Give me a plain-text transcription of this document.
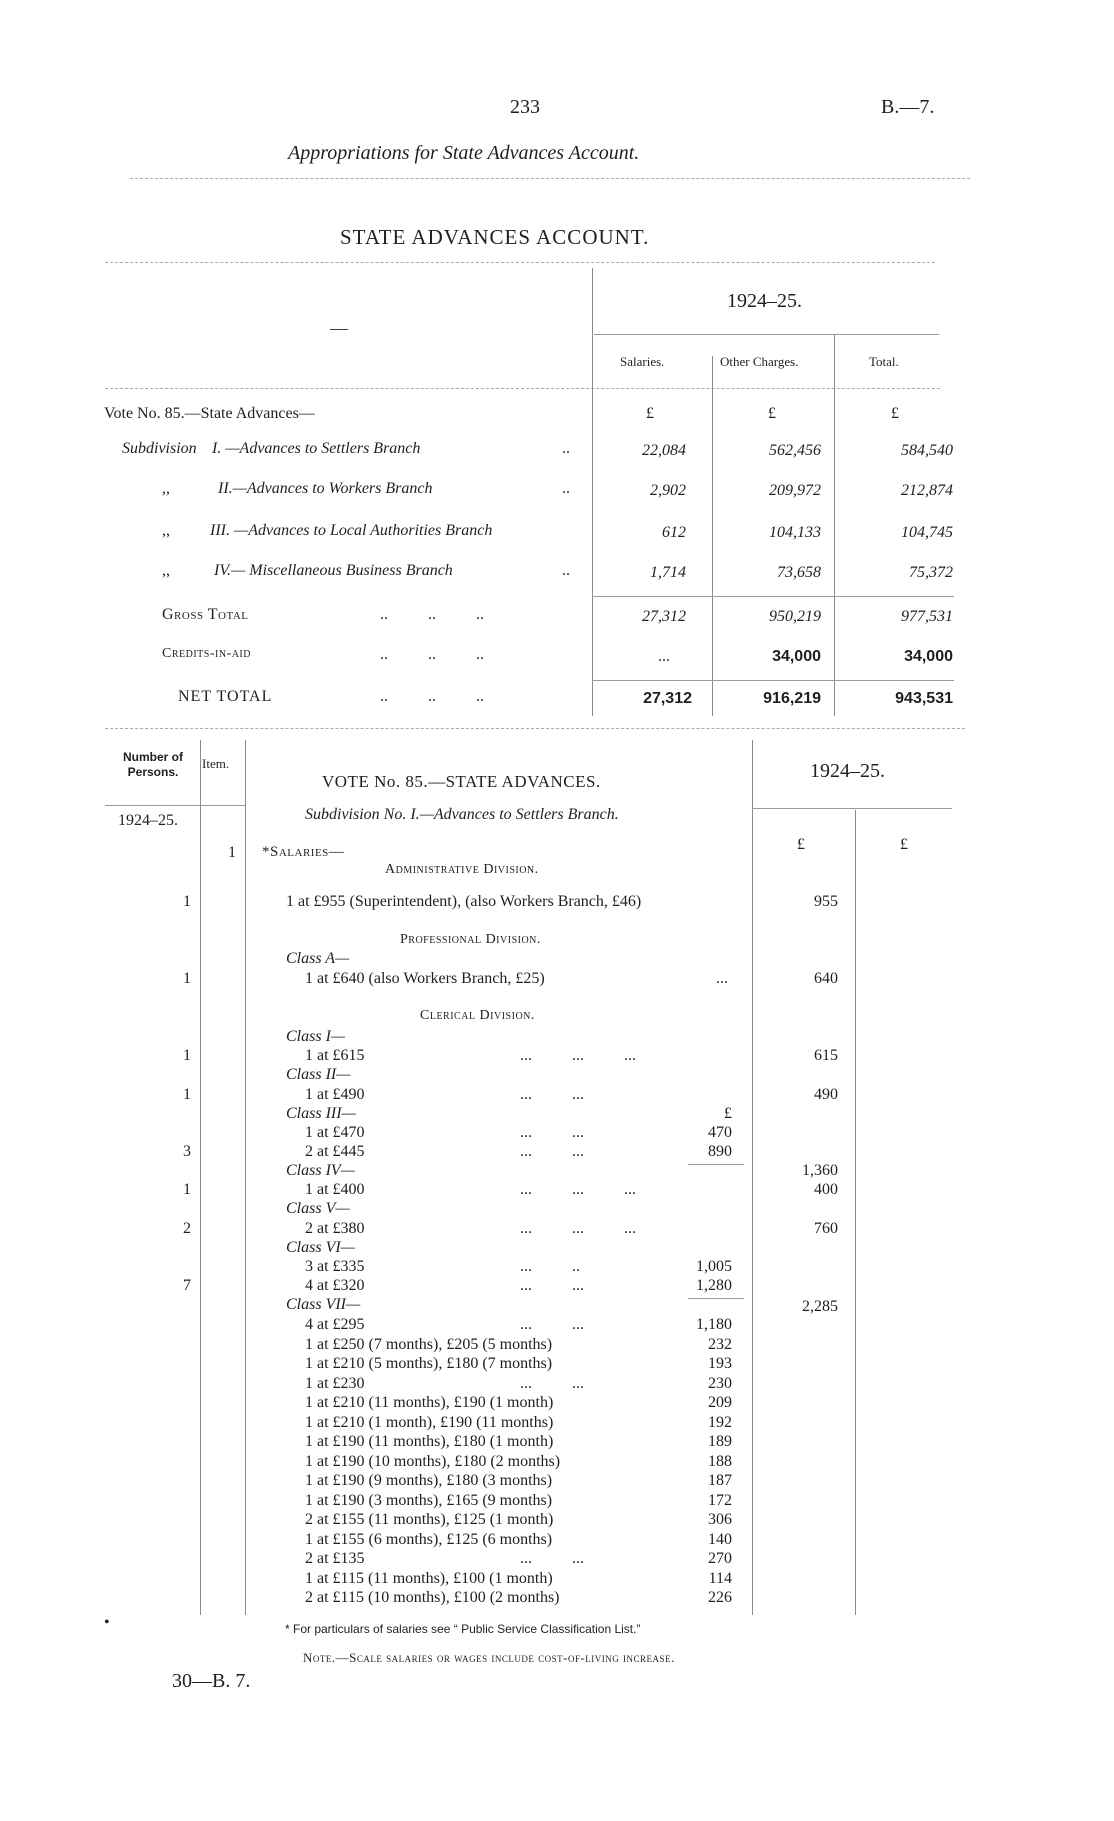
233	B.—7.
Appropriations for State Advances Account.
STATE ADVANCES ACCOUNT.
—
1924–25.
Salaries.	Other Charges.	Total.
Vote No. 85.—State Advances—	£	£	£
Subdivision I. —Advances to Settlers Branch	..	22,084	562,456	584,540
,,	II.—Advances to Workers Branch	..	2,902	209,972	212,874
,,	III. —Advances to Local Authorities Branch	612	104,133	104,745
,,	IV.— Miscellaneous Business Branch	..	1,714	73,658	75,372
Gross Total	..          ..          ..	27,312	950,219	977,531
Credits-in-aid	..          ..          ..	...	34,000	34,000
NET TOTAL	..          ..          ..	27,312	916,219	943,531
Number of Persons.
Item.
1924–25.
VOTE No. 85.—STATE ADVANCES.
Subdivision No. I.—Advances to Settlers Branch.
1924–25.
£	£
1 *Salaries—
Administrative Division.
1	1 at £955 (Superintendent), (also Workers Branch, £46)	955
Professional Division.
Class A—
1	1 at £640 (also Workers Branch, £25)	...	640
Clerical Division.
Class I—
1	1 at £615	...          ...          ...	615
Class II—
1	1 at £490	...          ...	490
Class III—	£
1 at £470	...          ...	470
3	2 at £445	...          ...	890
Class IV—	1,360
1	1 at £400	...          ...          ...	400
Class V—
2	2 at £380	...          ...          ...	760
Class VI—
3 at £335	...          ..	1,005
7	4 at £320	...          ...	1,280
Class VII—	2,285
4 at £295	...          ...	1,180
1 at £250 (7 months), £205 (5 months)	232
1 at £210 (5 months), £180 (7 months)	193
1 at £230	...          ...	230
1 at £210 (11 months), £190 (1 month)	209
1 at £210 (1 month), £190 (11 months)	192
1 at £190 (11 months), £180 (1 month)	189
1 at £190 (10 months), £180 (2 months)	188
1 at £190 (9 months), £180 (3 months)	187
1 at £190 (3 months), £165 (9 months)	172
2 at £155 (11 months), £125 (1 month)	306
1 at £155 (6 months), £125 (6 months)	140
2 at £135	...          ...	270
1 at £115 (11 months), £100 (1 month)	114
2 at £115 (10 months), £100 (2 months)	226
•	* For particulars of salaries see “ Public Service Classification List.”
Note.—Scale salaries or wages include cost-of-living increase.
30—B. 7.
